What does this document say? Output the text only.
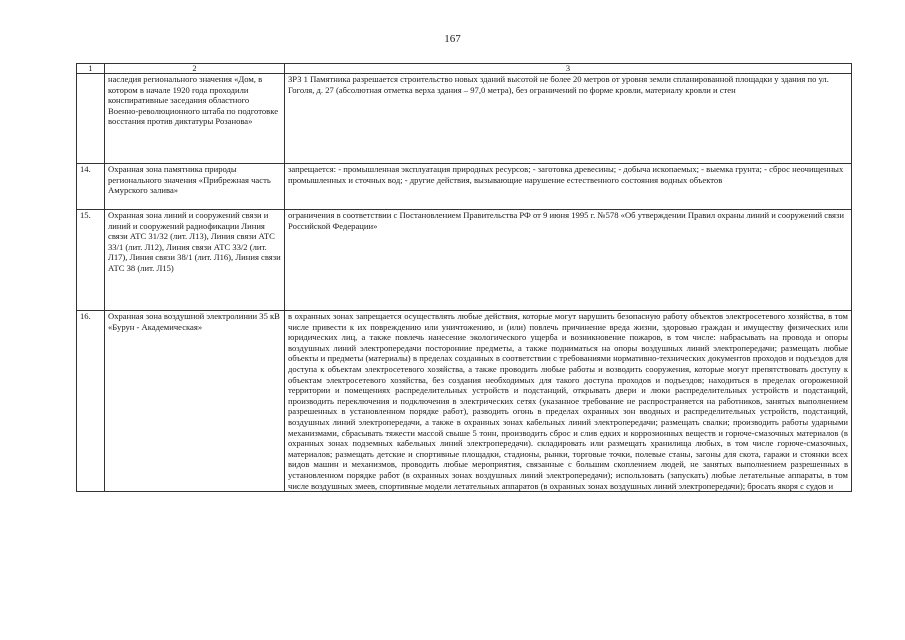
167
1	2	3
	наследия регионального значения «Дом, в котором в начале 1920 года проходили конспиративные заседания областного Военно-революционного штаба по подготовке восстания против диктатуры Розанова»	ЗРЗ 1 Памятника разрешается строительство новых зданий высотой не более 20 метров от уровня земли спланированной площадки у здания по ул. Гоголя, д. 27 (абсолютная отметка верха здания – 97,0 метра), без ограничений по форме кровли, материалу кровли и стен
14.	Охранная зона памятника природы регионального значения «Прибрежная часть Амурского залива»	запрещается: - промышленная эксплуатация природных ресурсов; - заготовка древесины; - добыча ископаемых; - выемка грунта; - сброс неочищенных промышленных и сточных вод; - другие действия, вызывающие нарушение естественного состояния водных объектов
15.	Охранная зона линий и сооружений связи и линий и сооружений радиофикации Линия связи АТС 31/32 (лит. Л13), Линия связи АТС 33/1 (лит. Л12), Линия связи АТС 33/2 (лит. Л17), Линия связи 38/1 (лит. Л16), Линия связи АТС 38 (лит. Л15)	ограничения в соответствии с Постановлением Правительства РФ от 9 июня 1995 г. №578 «Об утверждении Правил охраны линий и сооружений связи Российской Федерации»
16.	Охранная зона воздушной электролинии 35 кВ «Бурун - Академическая»	в охранных зонах запрещается осуществлять любые действия, которые могут нарушить безопасную работу объектов электросетевого хозяйства, в том числе привести к их повреждению или уничтожению, и (или) повлечь причинение вреда жизни, здоровью граждан и имуществу физических или юридических лиц, а также повлечь нанесение экологического ущерба и возникновение пожаров, в том числе: набрасывать на провода и опоры воздушных линий электропередачи посторонние предметы, а также подниматься на опоры воздушных линий электропередачи; размещать любые объекты и предметы (материалы) в пределах созданных в соответствии с требованиями нормативно-технических документов проходов и подъездов для доступа к объектам электросетевого хозяйства, а также проводить любые работы и возводить сооружения, которые могут препятствовать доступу к объектам электросетевого хозяйства, без создания необходимых для такого доступа проходов и подъездов; находиться в пределах огороженной территории и помещениях распределительных устройств и подстанций, открывать двери и люки распределительных устройств и подстанций, производить переключения и подключения в электрических сетях (указанное требование не распространяется на работников, занятых выполнением разрешенных в установленном порядке работ), разводить огонь в пределах охранных зон вводных и распределительных устройств, подстанций, воздушных линий электропередачи, а также в охранных зонах кабельных линий электропередачи; размещать свалки; производить работы ударными механизмами, сбрасывать тяжести массой свыше 5 тонн, производить сброс и слив едких и коррозионных веществ и горюче-смазочных материалов (в охранных зонах подземных кабельных линий электропередачи). складировать или размещать хранилища любых, в том числе горюче-смазочных, материалов; размещать детские и спортивные площадки, стадионы, рынки, торговые точки, полевые станы, загоны для скота, гаражи и стоянки всех видов машин и механизмов, проводить любые мероприятия, связанные с большим скоплением людей, не занятых выполнением разрешенных в установленном порядке работ (в охранных зонах воздушных линий электропередачи); использовать (запускать) любые летательные аппараты, в том числе воздушных змеев, спортивные модели летательных аппаратов (в охранных зонах воздушных линий электропередачи); бросать якоря с судов и
